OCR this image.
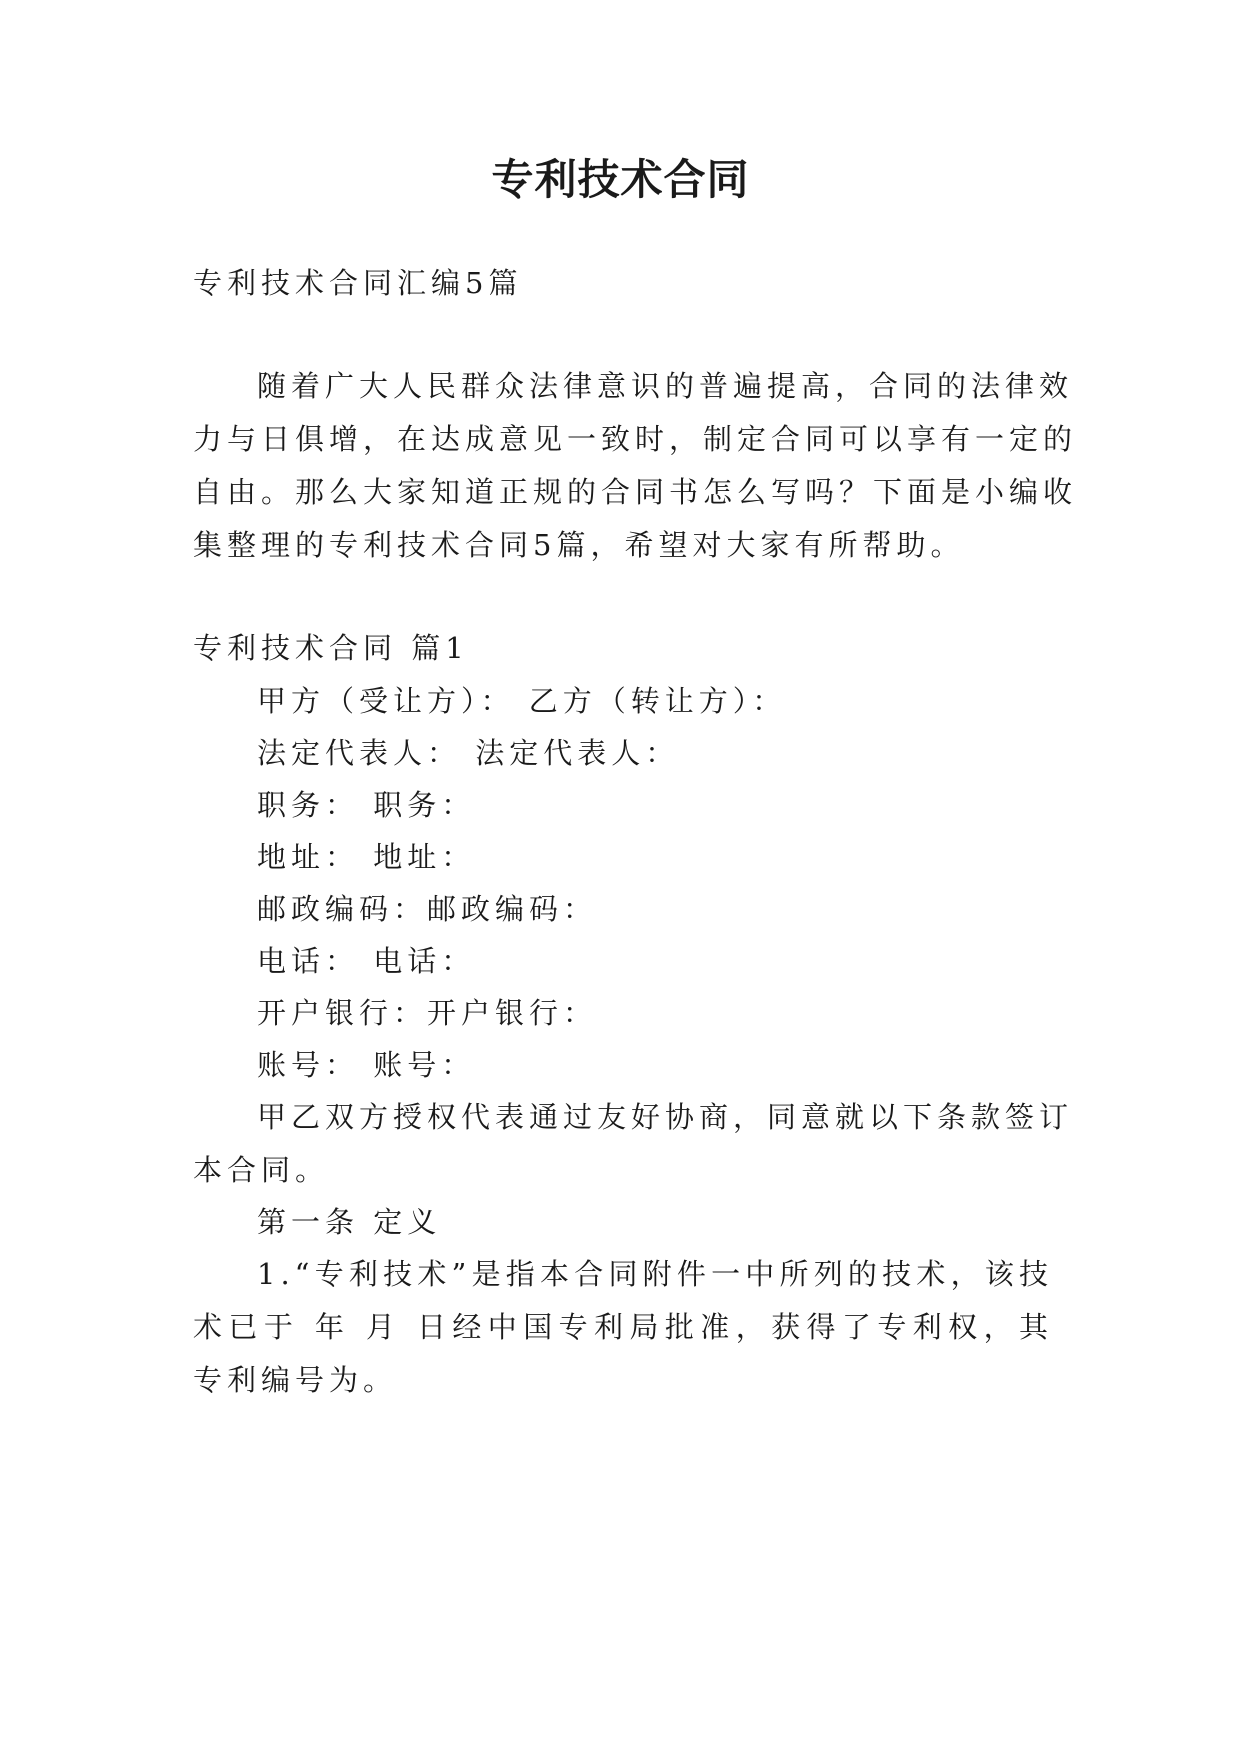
专利技术合同
专利技术合同汇编5篇
随着广大人民群众法律意识的普遍提高，合同的法律效
力与日俱增，在达成意见一致时，制定合同可以享有一定的
自由。那么大家知道正规的合同书怎么写吗？下面是小编收
集整理的专利技术合同5篇，希望对大家有所帮助。
专利技术合同 篇1
甲方（受让方）： 乙方（转让方）：
法定代表人： 法定代表人：
职务： 职务：
地址： 地址：
邮政编码：邮政编码：
电话： 电话：
开户银行：开户银行：
账号： 账号：
甲乙双方授权代表通过友好协商，同意就以下条款签订
本合同。
第一条 定义
1.“专利技术”是指本合同附件一中所列的技术，该技
术已于 年 月 日经中国专利局批准，获得了专利权，其
专利编号为。
